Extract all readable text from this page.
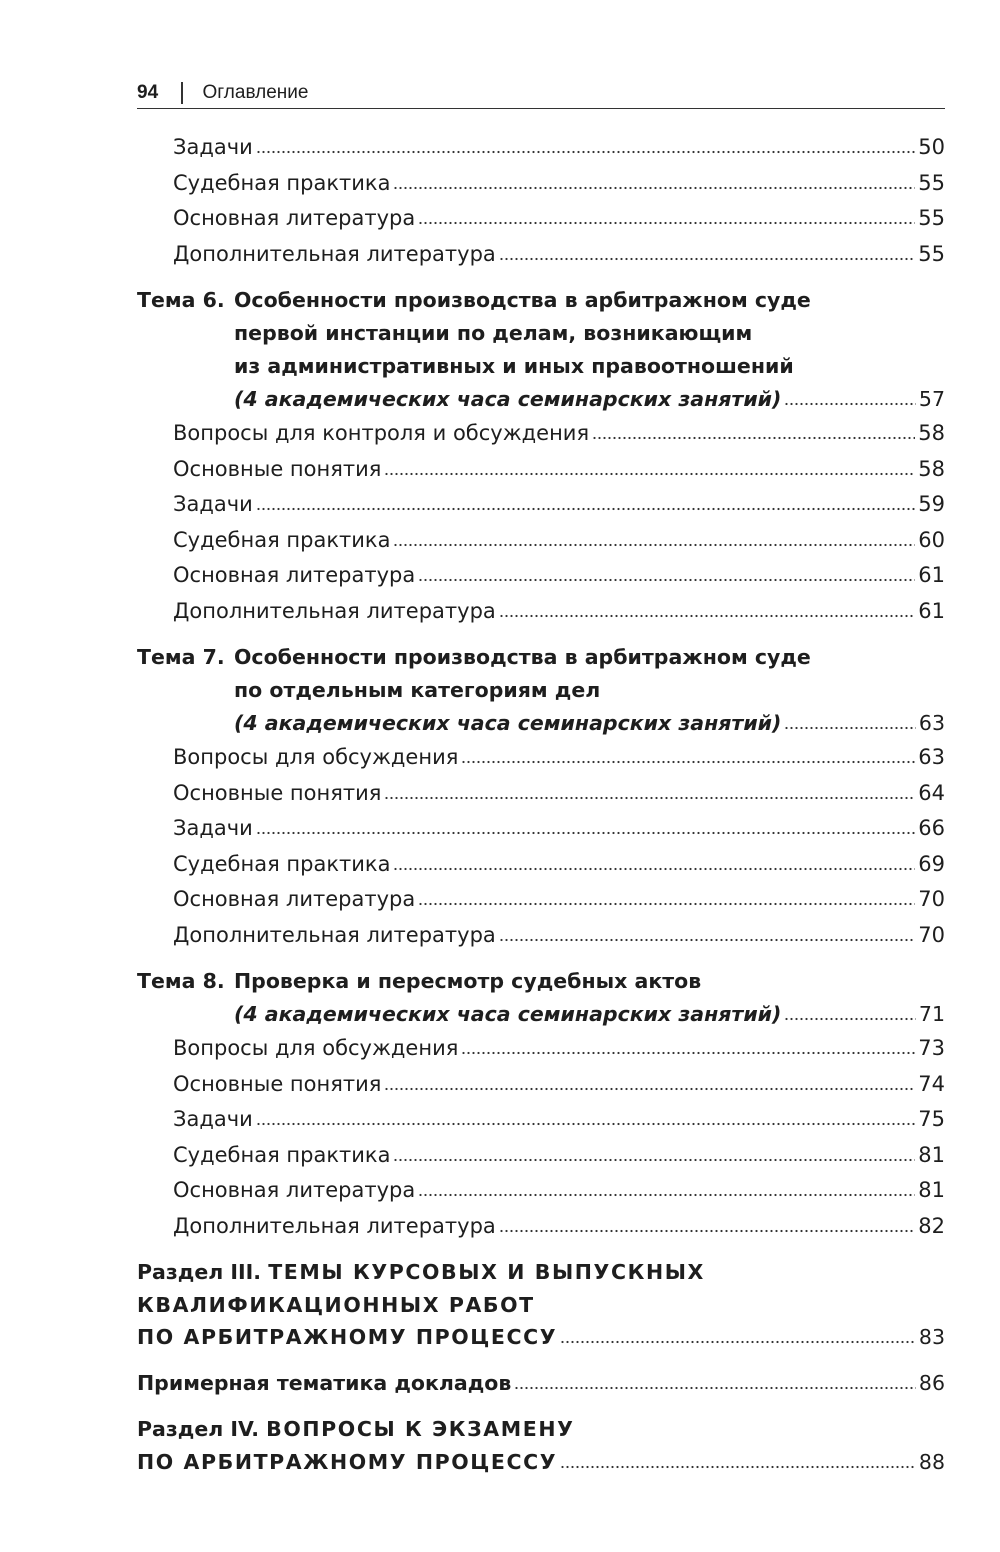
94	Оглавление
Задачи	50
Судебная практика	55
Основная литература	55
Дополнительная литература	55
Тема 6. Особенности производства в арбитражном суде
первой инстанции по делам, возникающим
из административных и иных правоотношений
(4 академических часа семинарских занятий)	57
Вопросы для контроля и обсуждения	58
Основные понятия	58
Задачи	59
Судебная практика	60
Основная литература	61
Дополнительная литература	61
Тема 7. Особенности производства в арбитражном суде
по отдельным категориям дел
(4 академических часа семинарских занятий)	63
Вопросы для обсуждения	63
Основные понятия	64
Задачи	66
Судебная практика	69
Основная литература	70
Дополнительная литература	70
Тема 8. Проверка и пересмотр судебных актов
(4 академических часа семинарских занятий)	71
Вопросы для обсуждения	73
Основные понятия	74
Задачи	75
Судебная практика	81
Основная литература	81
Дополнительная литература	82
Раздел III. ТЕМЫ КУРСОВЫХ И ВЫПУСКНЫХ
КВАЛИФИКАЦИОННЫХ РАБОТ
ПО АРБИТРАЖНОМУ ПРОЦЕССУ	83
Примерная тематика докладов	86
Раздел IV. ВОПРОСЫ К ЭКЗАМЕНУ
ПО АРБИТРАЖНОМУ ПРОЦЕССУ	88
